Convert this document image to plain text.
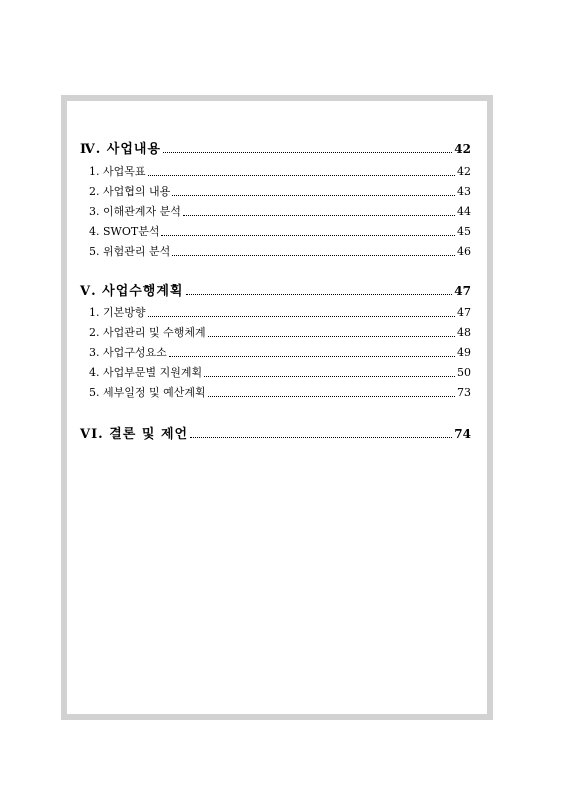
Ⅳ. 사업내용	42
1. 사업목표	42
2. 사업협의 내용	43
3. 이해관계자 분석	44
4. SWOT분석	45
5. 위험관리 분석	46
Ⅴ. 사업수행계획	47
1. 기본방향	47
2. 사업관리 및 수행체계	48
3. 사업구성요소	49
4. 사업부문별 지원계획	50
5. 세부일정 및 예산계획	73
VI. 결론 및 제언	74
